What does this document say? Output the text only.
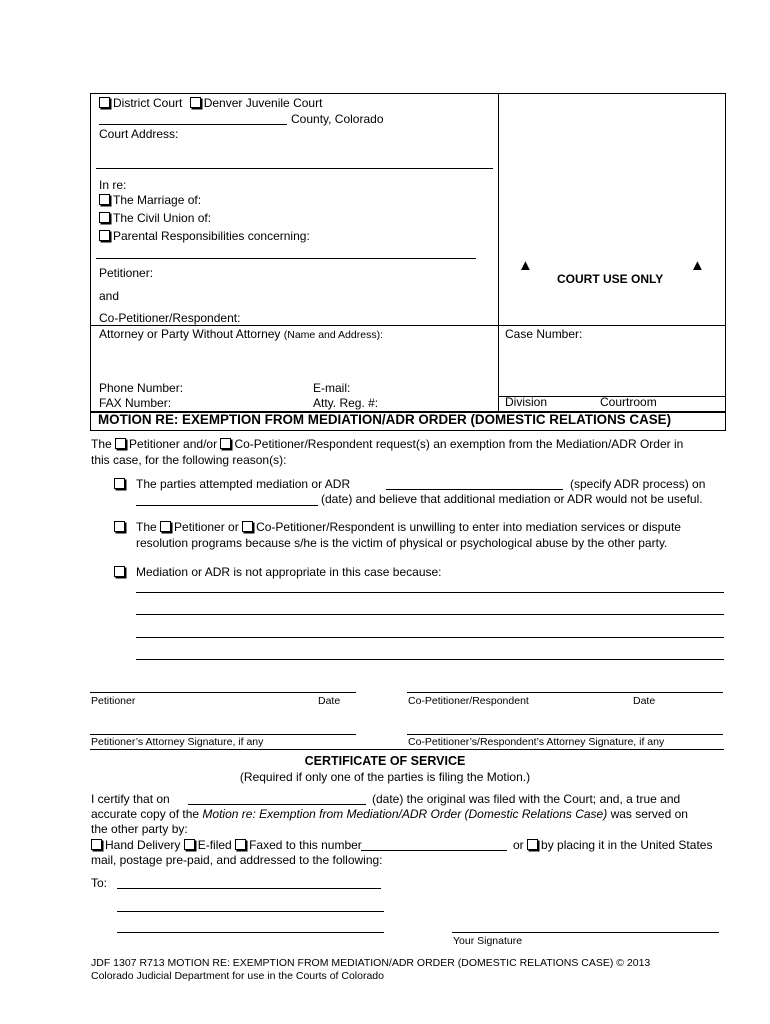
District Court Denver Juvenile Court
County, Colorado
Court Address:
In re:
The Marriage of:
The Civil Union of:
Parental Responsibilities concerning:
Petitioner:
and
Co-Petitioner/Respondent:
▲
COURT USE ONLY
▲
Attorney or Party Without Attorney (Name and Address):	Case Number:
Phone Number:	E-mail:
FAX Number:	Atty. Reg. #:	Division	Courtroom
MOTION RE: EXEMPTION FROM MEDIATION/ADR ORDER (DOMESTIC RELATIONS CASE)
The Petitioner and/or Co-Petitioner/Respondent request(s) an exemption from the Mediation/ADR Order in
this case, for the following reason(s):
The parties attempted mediation or ADR	(specify ADR process) on
(date) and believe that additional mediation or ADR would not be useful.
The Petitioner or Co-Petitioner/Respondent is unwilling to enter into mediation services or dispute
resolution programs because s/he is the victim of physical or psychological abuse by the other party.
Mediation or ADR is not appropriate in this case because:
Petitioner	Date	Co-Petitioner/Respondent	Date
Petitioner’s Attorney Signature, if any	Co-Petitioner’s/Respondent’s Attorney Signature, if any
CERTIFICATE OF SERVICE
(Required if only one of the parties is filing the Motion.)
I certify that on	(date) the original was filed with the Court; and, a true and
accurate copy of the Motion re: Exemption from Mediation/ADR Order (Domestic Relations Case) was served on
the other party by:
Hand Delivery E-filed Faxed to this number	or by placing it in the United States
mail, postage pre-paid, and addressed to the following:
To:
Your Signature
JDF 1307 R713 MOTION RE: EXEMPTION FROM MEDIATION/ADR ORDER (DOMESTIC RELATIONS CASE) © 2013
Colorado Judicial Department for use in the Courts of Colorado
